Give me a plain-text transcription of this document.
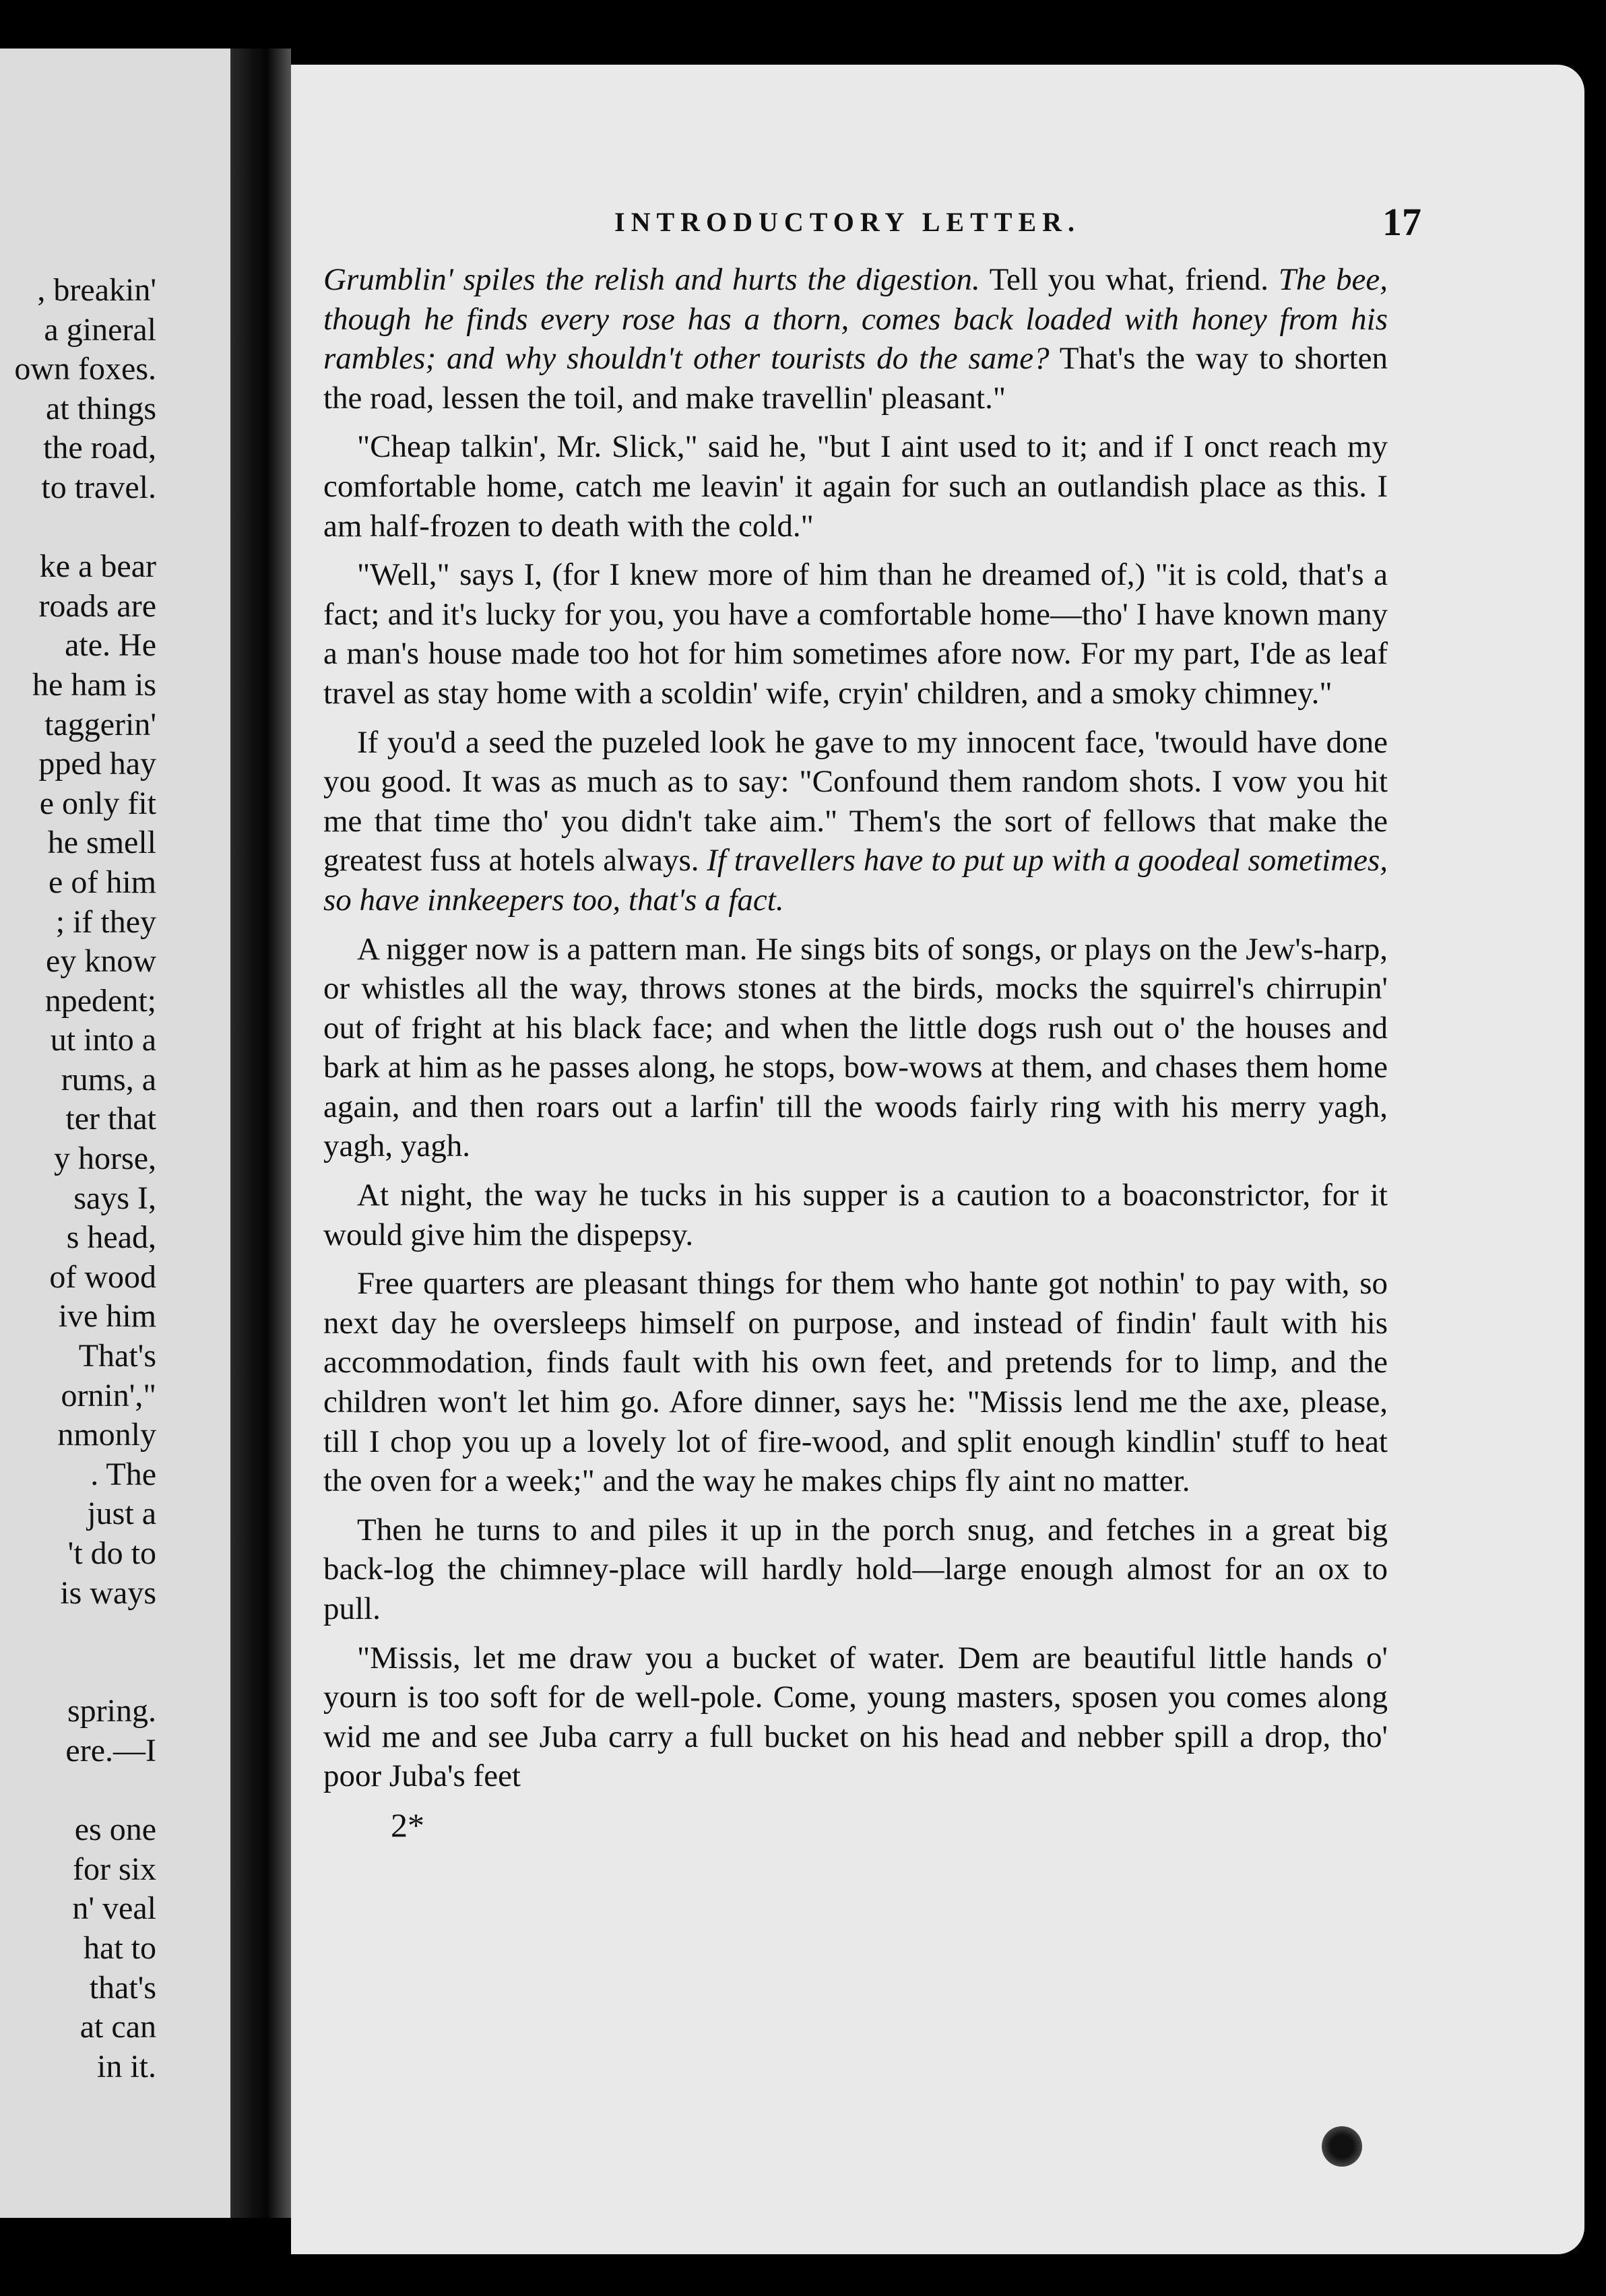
, breakin'
a gineral
own foxes.
at things
the road,
to travel.
ke a bear
roads are
ate. He
he ham is
taggerin'
pped hay
e only fit
he smell
e of him
; if they
ey know
npedent;
ut into a
rums, a
ter that
y horse,
says I,
s head,
of wood
ive him
That's
ornin',"
nmonly
. The
just a
't do to
is ways
spring.
ere.—I
es one
for six
n' veal
hat to
that's
at can
in it.
INTRODUCTORY LETTER.	17

Grumblin' spiles the relish and hurts the digestion. Tell you what, friend. The bee, though he finds every rose has a thorn, comes back loaded with honey from his rambles; and why shouldn't other tourists do the same? That's the way to shorten the road, lessen the toil, and make travellin' pleasant."

"Cheap talkin', Mr. Slick," said he, "but I aint used to it; and if I onct reach my comfortable home, catch me leavin' it again for such an outlandish place as this. I am half-frozen to death with the cold."

"Well," says I, (for I knew more of him than he dreamed of,) "it is cold, that's a fact; and it's lucky for you, you have a comfortable home—tho' I have known many a man's house made too hot for him sometimes afore now. For my part, I'de as leaf travel as stay home with a scoldin' wife, cryin' children, and a smoky chimney."

If you'd a seed the puzeled look he gave to my innocent face, 'twould have done you good. It was as much as to say: "Confound them random shots. I vow you hit me that time tho' you didn't take aim." Them's the sort of fellows that make the greatest fuss at hotels always. If travellers have to put up with a goodeal sometimes, so have innkeepers too, that's a fact.

A nigger now is a pattern man. He sings bits of songs, or plays on the Jew's-harp, or whistles all the way, throws stones at the birds, mocks the squirrel's chirrupin' out of fright at his black face; and when the little dogs rush out o' the houses and bark at him as he passes along, he stops, bow-wows at them, and chases them home again, and then roars out a larfin' till the woods fairly ring with his merry yagh, yagh, yagh.

At night, the way he tucks in his supper is a caution to a boaconstrictor, for it would give him the dispepsy.

Free quarters are pleasant things for them who hante got nothin' to pay with, so next day he oversleeps himself on purpose, and instead of findin' fault with his accommodation, finds fault with his own feet, and pretends for to limp, and the children won't let him go. Afore dinner, says he: "Missis lend me the axe, please, till I chop you up a lovely lot of fire-wood, and split enough kindlin' stuff to heat the oven for a week;" and the way he makes chips fly aint no matter.

Then he turns to and piles it up in the porch snug, and fetches in a great big back-log the chimney-place will hardly hold—large enough almost for an ox to pull.

"Missis, let me draw you a bucket of water. Dem are beautiful little hands o' yourn is too soft for de well-pole. Come, young masters, sposen you comes along wid me and see Juba carry a full bucket on his head and nebber spill a drop, tho' poor Juba's feet

2*
